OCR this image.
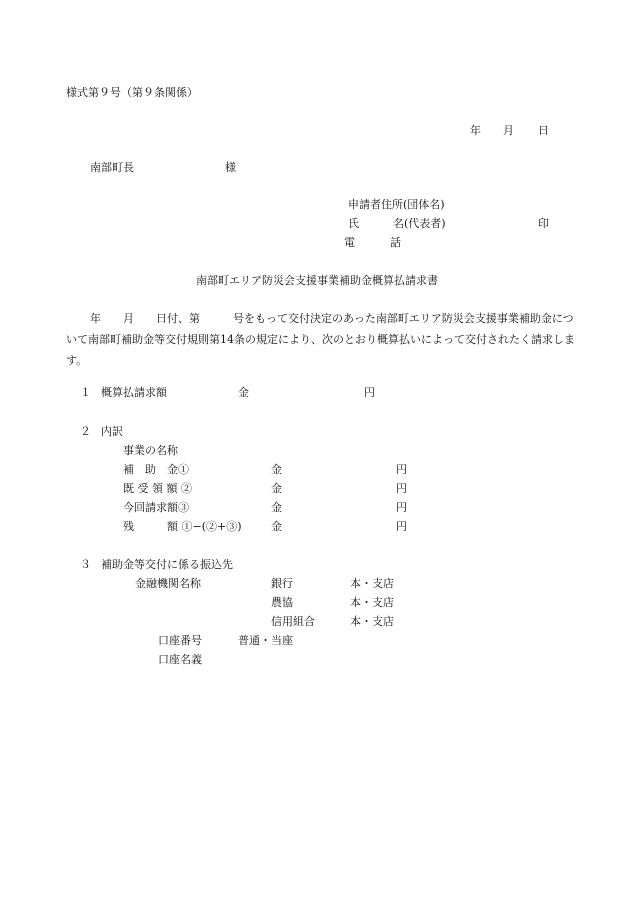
様式第９号（第９条関係）
年 月 日
南部町長	様
申請者住所(団体名)
氏	名(代表者)	印
電	話
南部町エリア防災会支援事業補助金概算払請求書
年　　月　　日付、第　　　号をもって交付決定のあった南部町エリア防災会支援事業補助金について南部町補助金等交付規則第14条の規定により、次のとおり概算払いによって交付されたく請求します。
１ 概算払請求額	金	円
２ 内訳
事業の名称
補　助　金①	金	円
既 受 領 額 ②	金	円
今回請求額③	金	円
残　　　額 ①−(②+③)	金	円
３ 補助金等交付に係る振込先
金融機関名称	銀行	本・支店
農協	本・支店
信用組合	本・支店
口座番号	普通・当座
口座名義
